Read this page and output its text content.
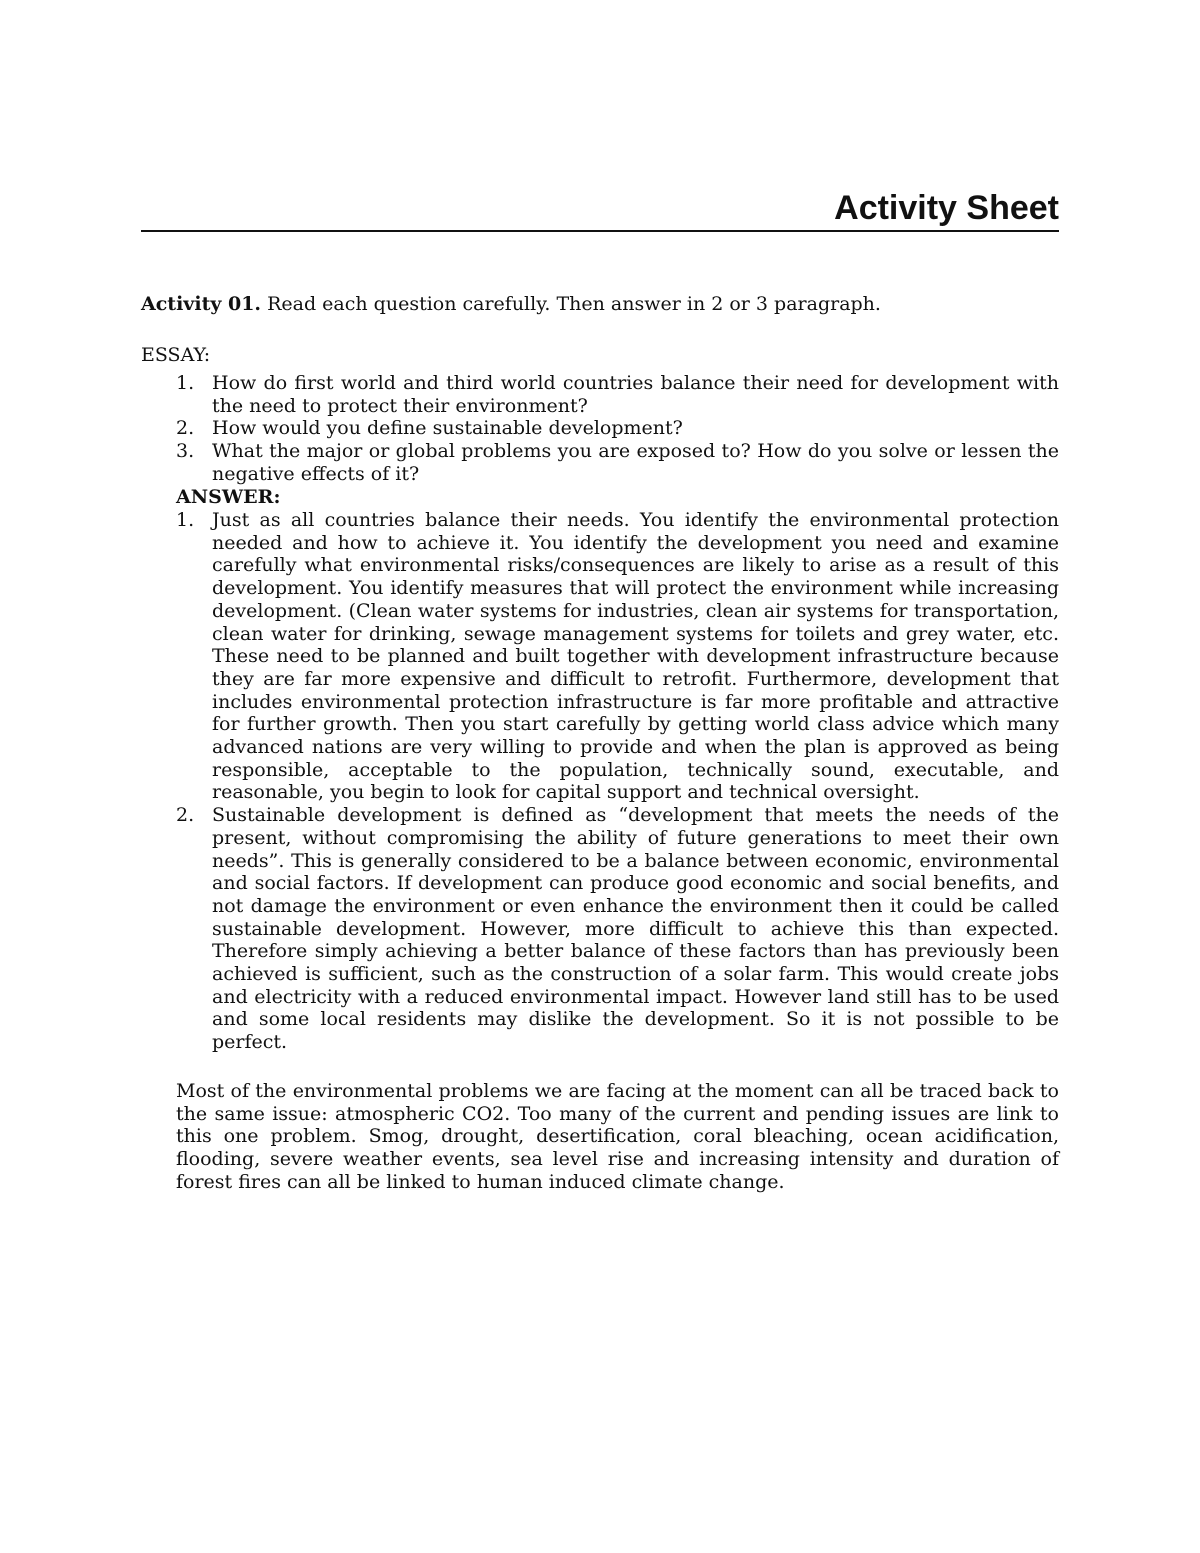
Activity Sheet
Activity 01. Read each question carefully. Then answer in 2 or 3 paragraph.
ESSAY:
1. How do first world and third world countries balance their need for development with the need to protect their environment?
2. How would you define sustainable development?
3. What the major or global problems you are exposed to? How do you solve or lessen the negative effects of it?
ANSWER:
1. Just as all countries balance their needs. You identify the environmental protection needed and how to achieve it. You identify the development you need and examine carefully what environmental risks/consequences are likely to arise as a result of this development. You identify measures that will protect the environment while increasing development. (Clean water systems for industries, clean air systems for transportation, clean water for drinking, sewage management systems for toilets and grey water, etc. These need to be planned and built together with development infrastructure because they are far more expensive and difficult to retrofit. Furthermore, development that includes environmental protection infrastructure is far more profitable and attractive for further growth. Then you start carefully by getting world class advice which many advanced nations are very willing to provide and when the plan is approved as being responsible, acceptable to the population, technically sound, executable, and reasonable, you begin to look for capital support and technical oversight.
2. Sustainable development is defined as “development that meets the needs of the present, without compromising the ability of future generations to meet their own needs”. This is generally considered to be a balance between economic, environmental and social factors. If development can produce good economic and social benefits, and not damage the environment or even enhance the environment then it could be called sustainable development. However, more difficult to achieve this than expected. Therefore simply achieving a better balance of these factors than has previously been achieved is sufficient, such as the construction of a solar farm. This would create jobs and electricity with a reduced environmental impact. However land still has to be used and some local residents may dislike the development. So it is not possible to be perfect.
Most of the environmental problems we are facing at the moment can all be traced back to the same issue: atmospheric CO2. Too many of the current and pending issues are link to this one problem. Smog, drought, desertification, coral bleaching, ocean acidification, flooding, severe weather events, sea level rise and increasing intensity and duration of forest fires can all be linked to human induced climate change.
